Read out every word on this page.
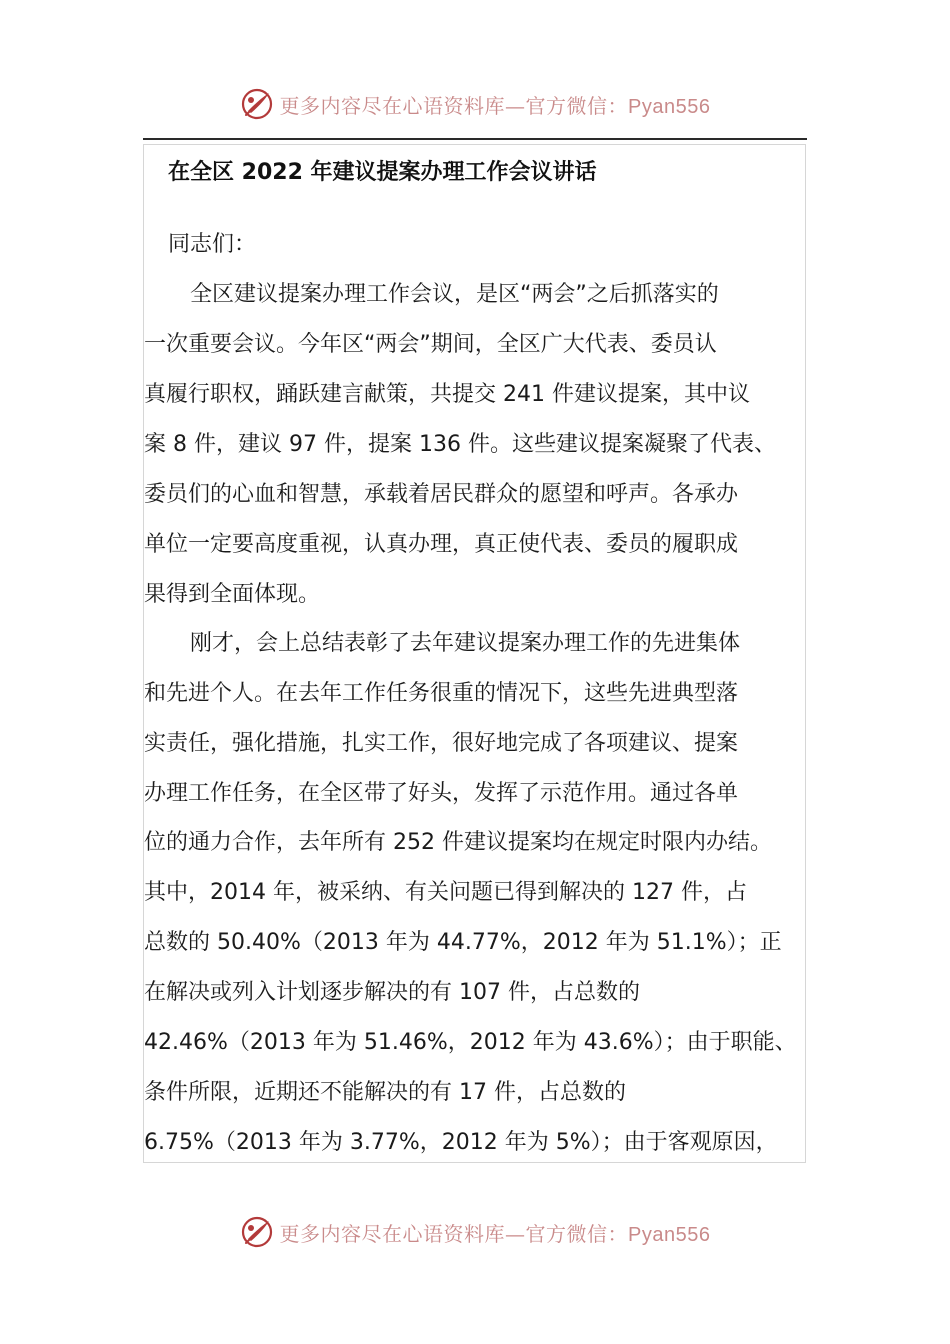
更多内容尽在心语资料库—官方微信：Pyan556
在全区 2022 年建议提案办理工作会议讲话
同志们：
全区建议提案办理工作会议，是区“两会”之后抓落实的
一次重要会议。今年区“两会”期间，全区广大代表、委员认
真履行职权，踊跃建言献策，共提交 241 件建议提案，其中议
案 8 件，建议 97 件，提案 136 件。这些建议提案凝聚了代表、
委员们的心血和智慧，承载着居民群众的愿望和呼声。各承办
单位一定要高度重视，认真办理，真正使代表、委员的履职成
果得到全面体现。
刚才，会上总结表彰了去年建议提案办理工作的先进集体
和先进个人。在去年工作任务很重的情况下，这些先进典型落
实责任，强化措施，扎实工作，很好地完成了各项建议、提案
办理工作任务，在全区带了好头，发挥了示范作用。通过各单
位的通力合作，去年所有 252 件建议提案均在规定时限内办结。
其中，2014 年，被采纳、有关问题已得到解决的 127 件，占
总数的 50.40%（2013 年为 44.77%，2012 年为 51.1%）；正
在解决或列入计划逐步解决的有 107 件，占总数的
42.46%（2013 年为 51.46%，2012 年为 43.6%）；由于职能、
条件所限，近期还不能解决的有 17 件，占总数的
6.75%（2013 年为 3.77%，2012 年为 5%）；由于客观原因，
更多内容尽在心语资料库—官方微信：Pyan556
